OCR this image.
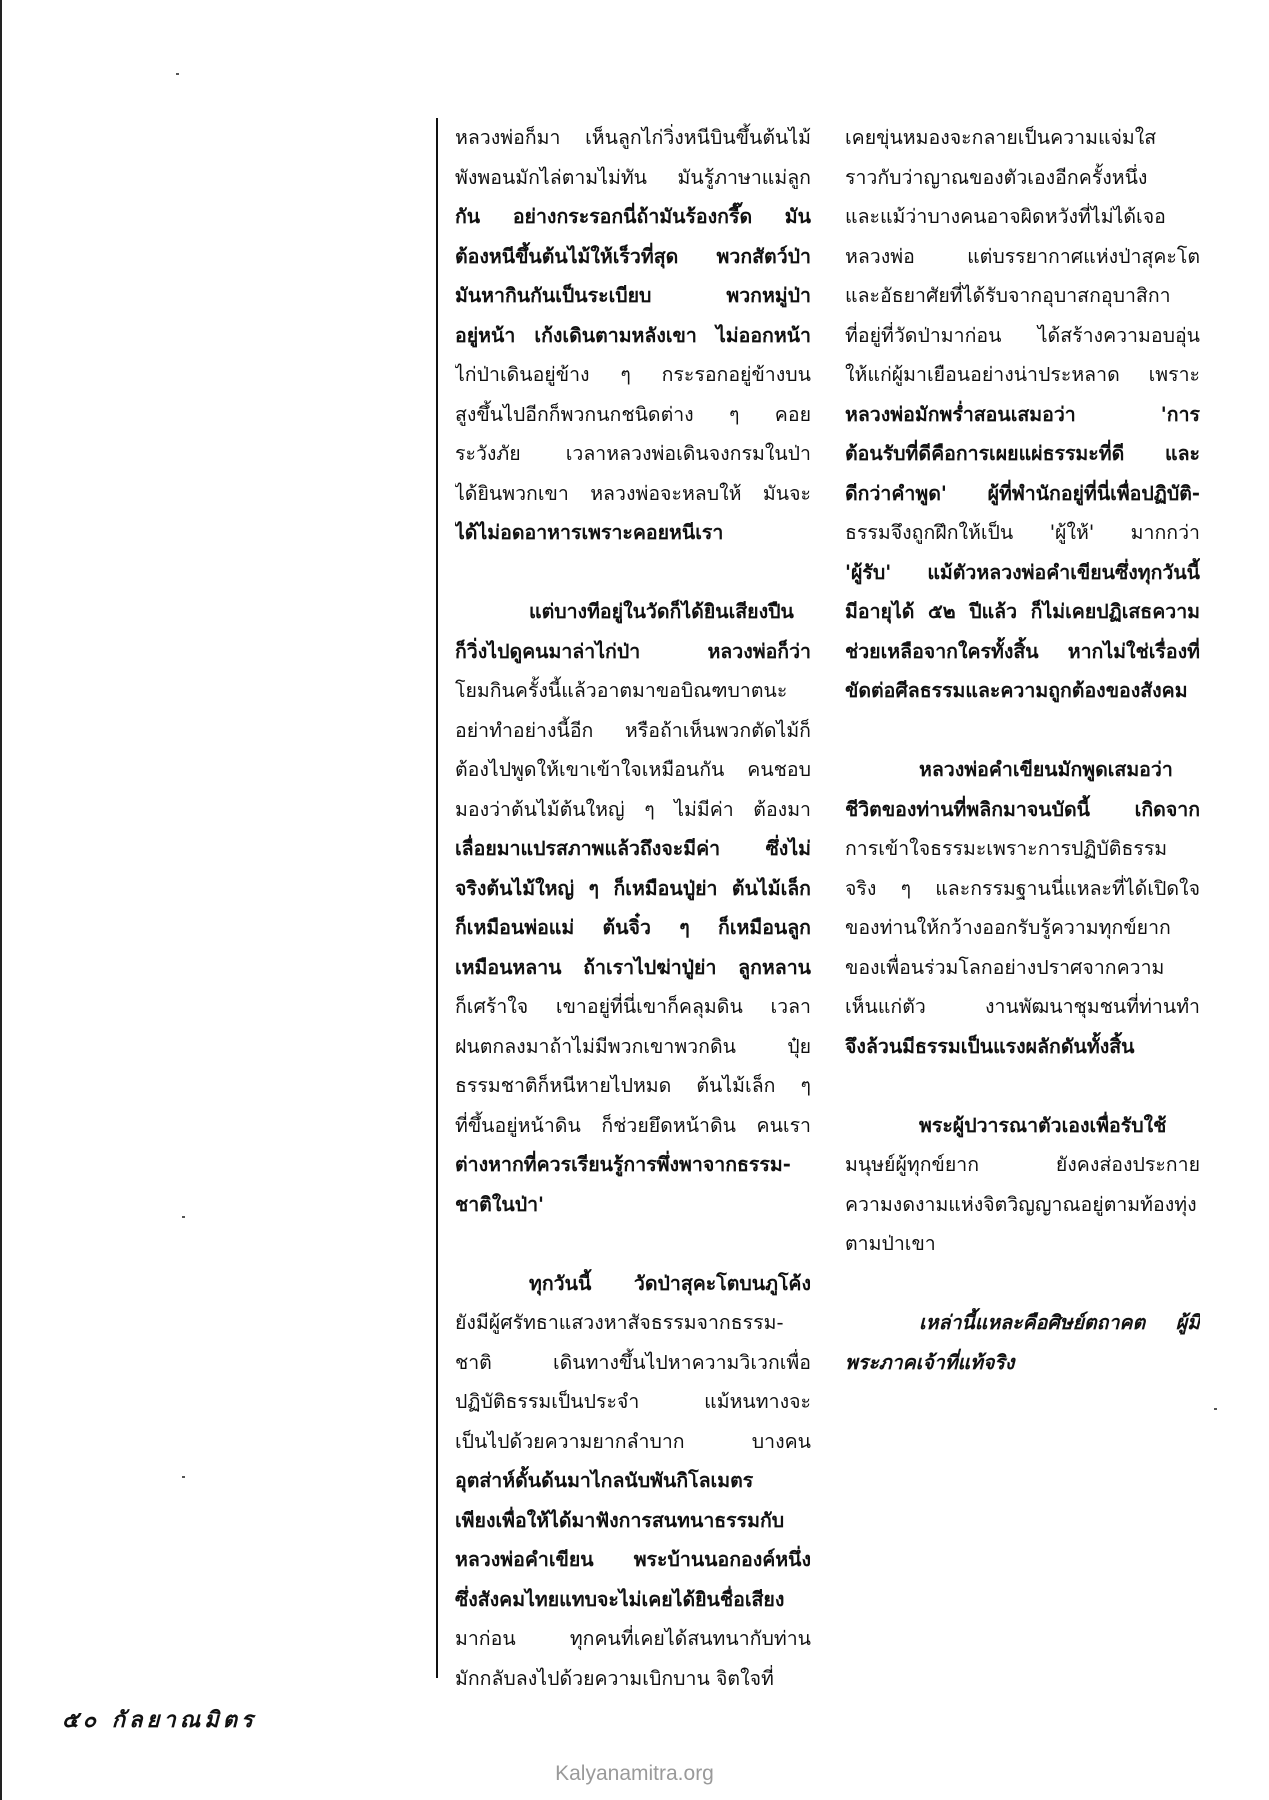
หลวงพ่อก็มา เห็นลูกไก่วิ่งหนีบินขึ้นต้นไม้
พังพอนมักไล่ตามไม่ทัน มันรู้ภาษาแม่ลูก
กัน อย่างกระรอกนี่ถ้ามันร้องกรี๊ด มัน
ต้องหนีขึ้นต้นไม้ให้เร็วที่สุด พวกสัตว์ป่า
มันหากินกันเป็นระเบียบ พวกหมู่ป่า
อยู่หน้า เก้งเดินตามหลังเขา ไม่ออกหน้า
ไก่ป่าเดินอยู่ข้าง ๆ กระรอกอยู่ข้างบน
สูงขึ้นไปอีกก็พวกนกชนิดต่าง ๆ คอย
ระวังภัย เวลาหลวงพ่อเดินจงกรมในป่า
ได้ยินพวกเขา หลวงพ่อจะหลบให้ มันจะ
ได้ไม่อดอาหารเพราะคอยหนีเรา

แต่บางทีอยู่ในวัดก็ได้ยินเสียงปืน
ก็วิ่งไปดูคนมาล่าไก่ป่า หลวงพ่อก็ว่า
โยมกินครั้งนี้แล้วอาตมาขอบิณฑบาตนะ
อย่าทำอย่างนี้อีก หรือถ้าเห็นพวกตัดไม้ก็
ต้องไปพูดให้เขาเข้าใจเหมือนกัน คนชอบ
มองว่าต้นไม้ต้นใหญ่ ๆ ไม่มีค่า ต้องมา
เลื่อยมาแปรสภาพแล้วถึงจะมีค่า ซึ่งไม่
จริงต้นไม้ใหญ่ ๆ ก็เหมือนปู่ย่า ต้นไม้เล็ก
ก็เหมือนพ่อแม่ ต้นจิ๋ว ๆ ก็เหมือนลูก
เหมือนหลาน ถ้าเราไปฆ่าปู่ย่า ลูกหลาน
ก็เศร้าใจ เขาอยู่ที่นี่เขาก็คลุมดิน เวลา
ฝนตกลงมาถ้าไม่มีพวกเขาพวกดิน ปุ๋ย
ธรรมชาติก็หนีหายไปหมด ต้นไม้เล็ก ๆ
ที่ขึ้นอยู่หน้าดิน ก็ช่วยยึดหน้าดิน คนเรา
ต่างหากที่ควรเรียนรู้การพึ่งพาจากธรรม-
ชาติในป่า'

ทุกวันนี้ วัดป่าสุคะโตบนภูโค้ง
ยังมีผู้ศรัทธาแสวงหาสัจธรรมจากธรรม-
ชาติ เดินทางขึ้นไปหาความวิเวกเพื่อ
ปฏิบัติธรรมเป็นประจำ แม้หนทางจะ
เป็นไปด้วยความยากลำบาก บางคน
อุตส่าห์ดั้นด้นมาไกลนับพันกิโลเมตร
เพียงเพื่อให้ได้มาฟังการสนทนาธรรมกับ
หลวงพ่อคำเขียน พระบ้านนอกองค์หนึ่ง
ซึ่งสังคมไทยแทบจะไม่เคยได้ยินชื่อเสียง
มาก่อน ทุกคนที่เคยได้สนทนากับท่าน
มักกลับลงไปด้วยความเบิกบาน จิตใจที่

เคยขุ่นหมองจะกลายเป็นความแจ่มใส
ราวกับว่าญาณของตัวเองอีกครั้งหนึ่ง
และแม้ว่าบางคนอาจผิดหวังที่ไม่ได้เจอ
หลวงพ่อ แต่บรรยากาศแห่งป่าสุคะโต
และอัธยาศัยที่ได้รับจากอุบาสกอุบาสิกา
ที่อยู่ที่วัดป่ามาก่อน ได้สร้างความอบอุ่น
ให้แก่ผู้มาเยือนอย่างน่าประหลาด เพราะ
หลวงพ่อมักพร่ำสอนเสมอว่า 'การ
ต้อนรับที่ดีคือการเผยแผ่ธรรมะที่ดี และ
ดีกว่าคำพูด' ผู้ที่พำนักอยู่ที่นี่เพื่อปฏิบัติ-
ธรรมจึงถูกฝึกให้เป็น 'ผู้ให้' มากกว่า
'ผู้รับ' แม้ตัวหลวงพ่อคำเขียนซึ่งทุกวันนี้
มีอายุได้ ๕๒ ปีแล้ว ก็ไม่เคยปฏิเสธความ
ช่วยเหลือจากใครทั้งสิ้น หากไม่ใช่เรื่องที่
ขัดต่อศีลธรรมและความถูกต้องของสังคม

หลวงพ่อคำเขียนมักพูดเสมอว่า
ชีวิตของท่านที่พลิกมาจนบัดนี้ เกิดจาก
การเข้าใจธรรมะเพราะการปฏิบัติธรรม
จริง ๆ และกรรมฐานนี่แหละที่ได้เปิดใจ
ของท่านให้กว้างออกรับรู้ความทุกข์ยาก
ของเพื่อนร่วมโลกอย่างปราศจากความ
เห็นแก่ตัว งานพัฒนาชุมชนที่ท่านทำ
จึงล้วนมีธรรมเป็นแรงผลักดันทั้งสิ้น

พระผู้ปวารณาตัวเองเพื่อรับใช้
มนุษย์ผู้ทุกข์ยาก ยังคงส่องประกาย
ความงดงามแห่งจิตวิญญาณอยู่ตามท้องทุ่ง
ตามป่าเขา

เหล่านี้แหละคือศิษย์ตถาคต ผู้มี
พระภาคเจ้าที่แท้จริง

๕๐ กัลยาณมิตร
Kalyanamitra.org
